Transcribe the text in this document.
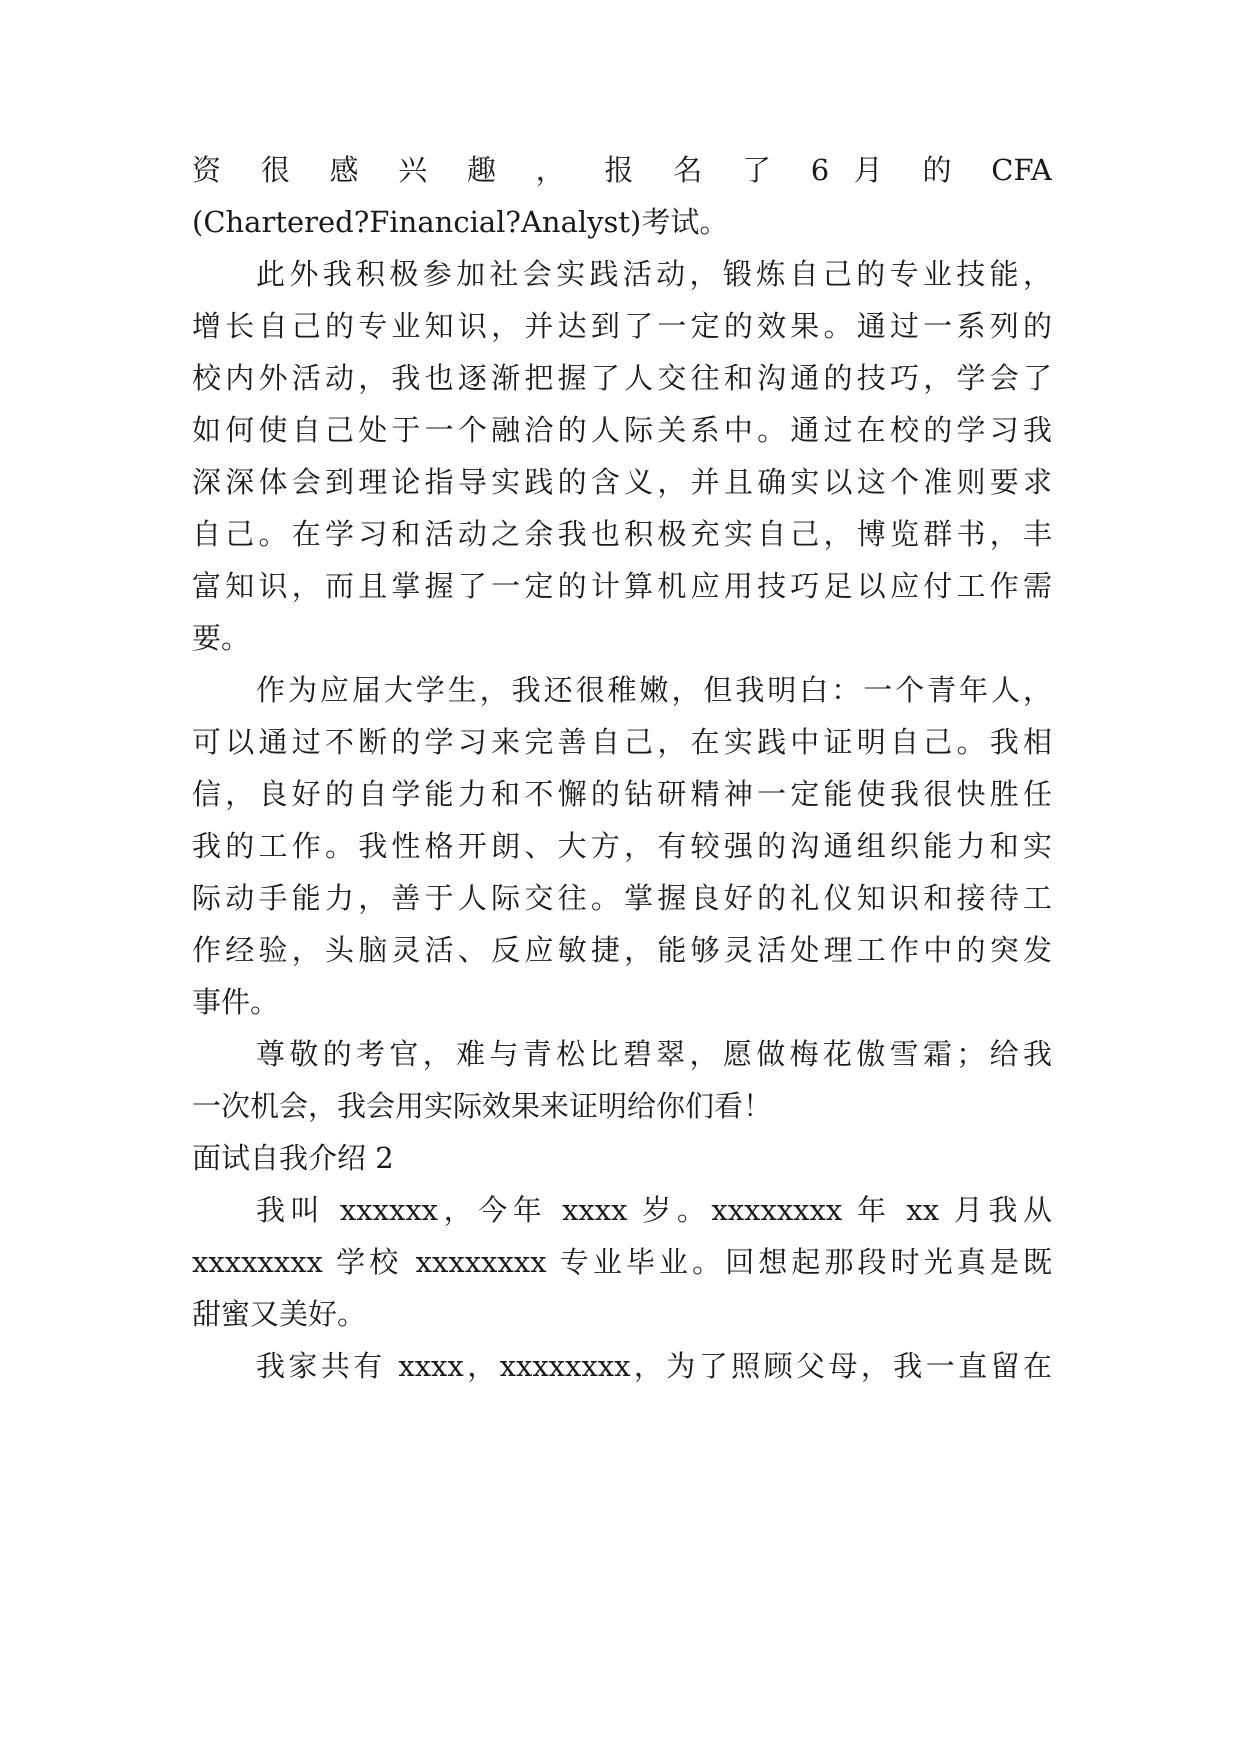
资 很 感 兴 趣 ， 报 名 了 6 月 的 CFA
(Chartered?Financial?Analyst)考试。
此外我积极参加社会实践活动，锻炼自己的专业技能，
增长自己的专业知识，并达到了一定的效果。通过一系列的
校内外活动，我也逐渐把握了人交往和沟通的技巧，学会了
如何使自己处于一个融洽的人际关系中。通过在校的学习我
深深体会到理论指导实践的含义，并且确实以这个准则要求
自己。在学习和活动之余我也积极充实自己，博览群书，丰
富知识，而且掌握了一定的计算机应用技巧足以应付工作需
要。
作为应届大学生，我还很稚嫩，但我明白：一个青年人，
可以通过不断的学习来完善自己，在实践中证明自己。我相
信，良好的自学能力和不懈的钻研精神一定能使我很快胜任
我的工作。我性格开朗、大方，有较强的沟通组织能力和实
际动手能力，善于人际交往。掌握良好的礼仪知识和接待工
作经验，头脑灵活、反应敏捷，能够灵活处理工作中的突发
事件。
尊敬的考官，难与青松比碧翠，愿做梅花傲雪霜；给我
一次机会，我会用实际效果来证明给你们看！
面试自我介绍 2
我叫 xxxxxx，今年 xxxx 岁。xxxxxxxx 年 xx 月我从
xxxxxxxx 学校 xxxxxxxx 专业毕业。回想起那段时光真是既
甜蜜又美好。
我家共有 xxxx，xxxxxxxx，为了照顾父母，我一直留在
